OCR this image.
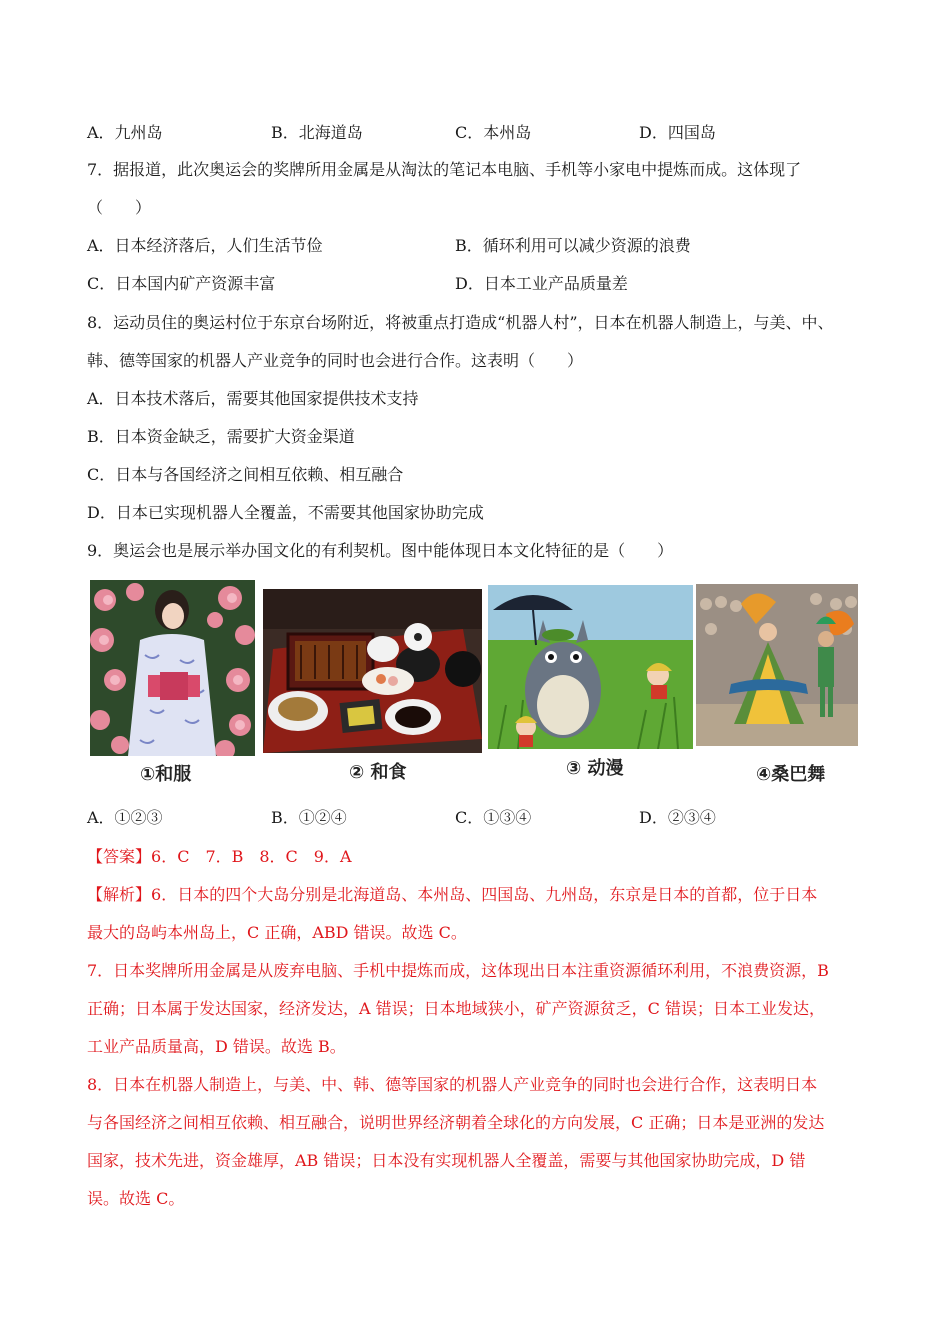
A．九州岛	B．北海道岛	C．本州岛	D．四国岛
7．据报道，此次奥运会的奖牌所用金属是从淘汰的笔记本电脑、手机等小家电中提炼而成。这体现了
（　　）
A．日本经济落后，人们生活节俭	B．循环利用可以减少资源的浪费
C．日本国内矿产资源丰富	D．日本工业产品质量差
8．运动员住的奥运村位于东京台场附近，将被重点打造成“机器人村”，日本在机器人制造上，与美、中、
韩、德等国家的机器人产业竞争的同时也会进行合作。这表明（　　）
A．日本技术落后，需要其他国家提供技术支持
B．日本资金缺乏，需要扩大资金渠道
C．日本与各国经济之间相互依赖、相互融合
D．日本已实现机器人全覆盖，不需要其他国家协助完成
9．奥运会也是展示举办国文化的有利契机。图中能体现日本文化特征的是（　　）
①和服	② 和食	③ 动漫	④桑巴舞
A．①②③	B．①②④	C．①③④	D．②③④
【答案】6．C　7．B　8．C　9．A
【解析】6．日本的四个大岛分别是北海道岛、本州岛、四国岛、九州岛，东京是日本的首都，位于日本
最大的岛屿本州岛上，C 正确，ABD 错误。故选 C。
7．日本奖牌所用金属是从废弃电脑、手机中提炼而成，这体现出日本注重资源循环利用，不浪费资源，B
正确；日本属于发达国家，经济发达，A 错误；日本地域狭小，矿产资源贫乏，C 错误；日本工业发达，
工业产品质量高，D 错误。故选 B。
8．日本在机器人制造上，与美、中、韩、德等国家的机器人产业竞争的同时也会进行合作，这表明日本
与各国经济之间相互依赖、相互融合，说明世界经济朝着全球化的方向发展，C 正确；日本是亚洲的发达
国家，技术先进，资金雄厚，AB 错误；日本没有实现机器人全覆盖，需要与其他国家协助完成，D 错
误。故选 C。
